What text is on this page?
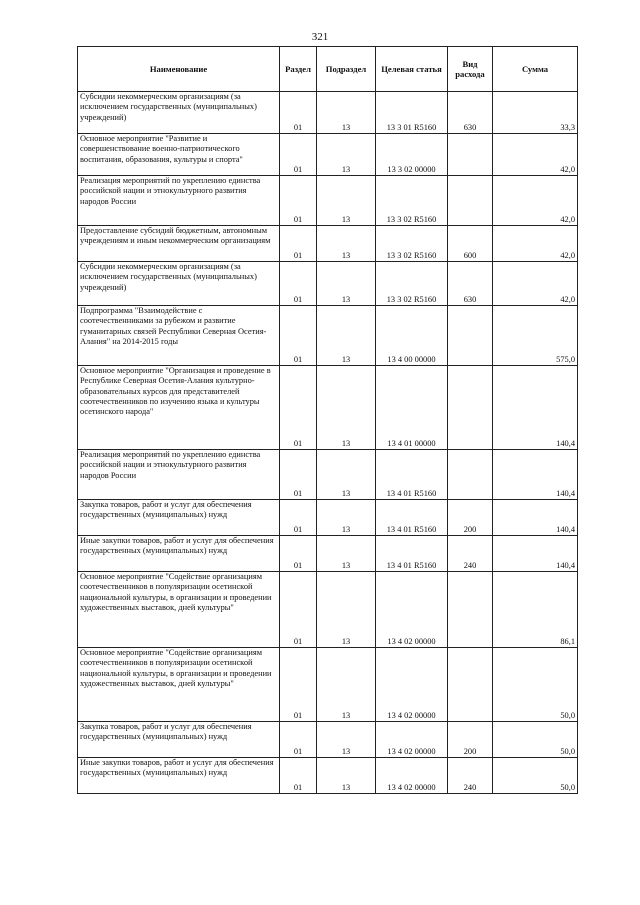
321
Наименование	Раздел	Подраздел	Целевая статья	Вид расхода	Сумма
Субсидии некоммерческим организациям (за исключением государственных (муниципальных) учреждений)	01	13	13 3 01 R5160	630	33,3
Основное мероприятие "Развитие и совершенствование военно-патриотического воспитания, образования, культуры и спорта"	01	13	13 3 02 00000		42,0
Реализация мероприятий по укреплению единства российской нации и этнокультурного развития народов России	01	13	13 3 02 R5160		42,0
Предоставление субсидий бюджетным, автономным учреждениям и иным некоммерческим организациям	01	13	13 3 02 R5160	600	42,0
Субсидии некоммерческим организациям (за исключением государственных (муниципальных) учреждений)	01	13	13 3 02 R5160	630	42,0
Подпрограмма "Взаимодействие с соотечественниками за рубежом и развитие гуманитарных связей Республики Северная Осетия-Алания" на 2014-2015 годы	01	13	13 4 00 00000		575,0
Основное мероприятие "Организация и проведение в Республике Северная Осетия-Алания культурно-образовательных курсов для представителей соотечественников по изучению языка и культуры осетинского народа"	01	13	13 4 01 00000		140,4
Реализация мероприятий по укреплению единства российской нации и этнокультурного развития народов России	01	13	13 4 01 R5160		140,4
Закупка товаров, работ и услуг для обеспечения государственных (муниципальных) нужд	01	13	13 4 01 R5160	200	140,4
Иные закупки товаров, работ и услуг для обеспечения государственных (муниципальных) нужд	01	13	13 4 01 R5160	240	140,4
Основное мероприятие "Содействие организациям соотечественников в популяризации осетинской национальной культуры, в организации и проведении художественных выставок, дней культуры"	01	13	13 4 02 00000		86,1
Основное мероприятие "Содействие организациям соотечественников в популяризации осетинской национальной культуры, в организации и проведении художественных выставок, дней культуры"	01	13	13 4 02 00000		50,0
Закупка товаров, работ и услуг для обеспечения государственных (муниципальных) нужд	01	13	13 4 02 00000	200	50,0
Иные закупки товаров, работ и услуг для обеспечения государственных (муниципальных) нужд	01	13	13 4 02 00000	240	50,0
